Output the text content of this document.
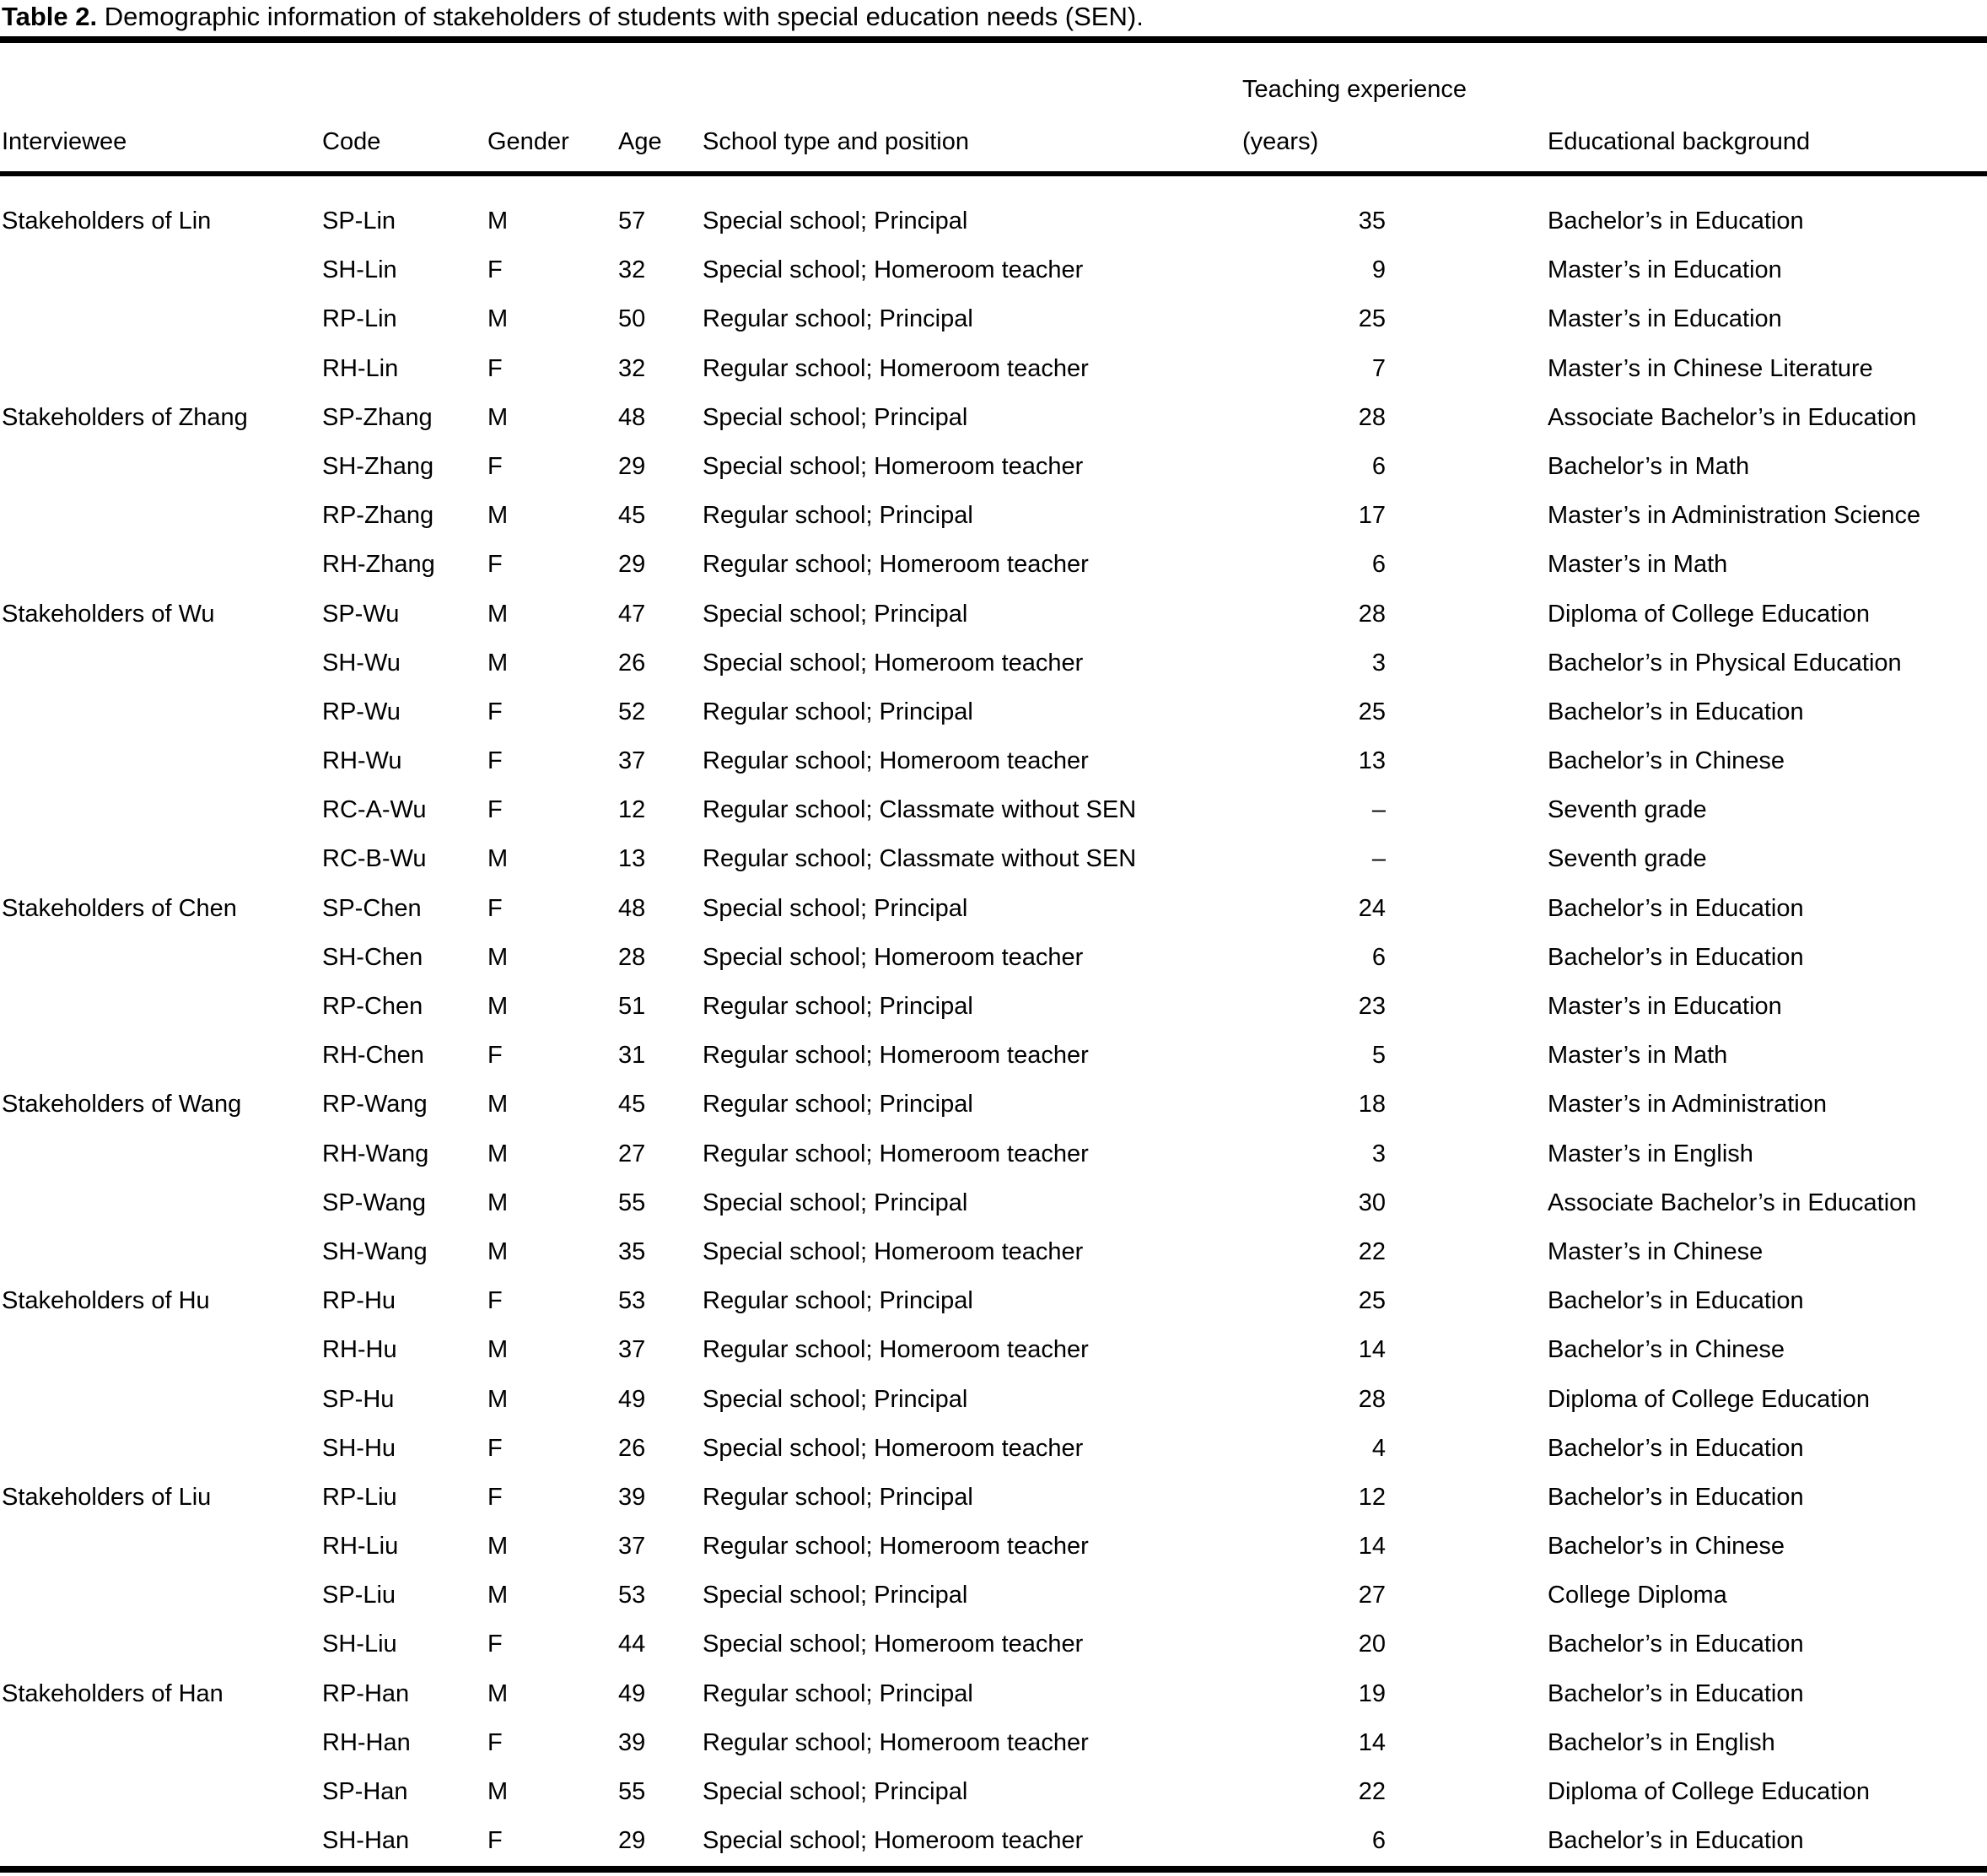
Table 2. Demographic information of stakeholders of students with special education needs (SEN).
Teaching experience
Interviewee	Code	Gender Age School type and position	(years)	Educational background
Stakeholders of Lin	SP-Lin	M	57 Special school; Principal	35	Bachelor’s in Education
SH-Lin	F	32 Special school; Homeroom teacher	9	Master’s in Education
RP-Lin	M	50 Regular school; Principal	25	Master’s in Education
RH-Lin	F	32 Regular school; Homeroom teacher	7	Master’s in Chinese Literature
Stakeholders of Zhang	SP-Zhang M	48 Special school; Principal	28	Associate Bachelor’s in Education
SH-Zhang F	29 Special school; Homeroom teacher	6	Bachelor’s in Math
RP-Zhang M	45 Regular school; Principal	17	Master’s in Administration Science
RH-Zhang F	29 Regular school; Homeroom teacher	6	Master’s in Math
Stakeholders of Wu	SP-Wu	M	47 Special school; Principal	28	Diploma of College Education
SH-Wu	M	26 Special school; Homeroom teacher	3	Bachelor’s in Physical Education
RP-Wu	F	52 Regular school; Principal	25	Bachelor’s in Education
RH-Wu	F	37 Regular school; Homeroom teacher	13	Bachelor’s in Chinese
RC-A-Wu F	12 Regular school; Classmate without SEN	–	Seventh grade
RC-B-Wu M	13 Regular school; Classmate without SEN	–	Seventh grade
Stakeholders of Chen	SP-Chen	F	48 Special school; Principal	24	Bachelor’s in Education
SH-Chen	M	28 Special school; Homeroom teacher	6	Bachelor’s in Education
RP-Chen	M	51 Regular school; Principal	23	Master’s in Education
RH-Chen	F	31 Regular school; Homeroom teacher	5	Master’s in Math
Stakeholders of Wang	RP-Wang M	45 Regular school; Principal	18	Master’s in Administration
RH-Wang M	27 Regular school; Homeroom teacher	3	Master’s in English
SP-Wang	M	55 Special school; Principal	30	Associate Bachelor’s in Education
SH-Wang M	35 Special school; Homeroom teacher	22	Master’s in Chinese
Stakeholders of Hu	RP-Hu	F	53 Regular school; Principal	25	Bachelor’s in Education
RH-Hu	M	37 Regular school; Homeroom teacher	14	Bachelor’s in Chinese
SP-Hu	M	49 Special school; Principal	28	Diploma of College Education
SH-Hu	F	26 Special school; Homeroom teacher	4	Bachelor’s in Education
Stakeholders of Liu	RP-Liu	F	39 Regular school; Principal	12	Bachelor’s in Education
RH-Liu	M	37 Regular school; Homeroom teacher	14	Bachelor’s in Chinese
SP-Liu	M	53 Special school; Principal	27	College Diploma
SH-Liu	F	44 Special school; Homeroom teacher	20	Bachelor’s in Education
Stakeholders of Han	RP-Han	M	49 Regular school; Principal	19	Bachelor’s in Education
RH-Han	F	39 Regular school; Homeroom teacher	14	Bachelor’s in English
SP-Han	M	55 Special school; Principal	22	Diploma of College Education
SH-Han	F	29 Special school; Homeroom teacher	6	Bachelor’s in Education
